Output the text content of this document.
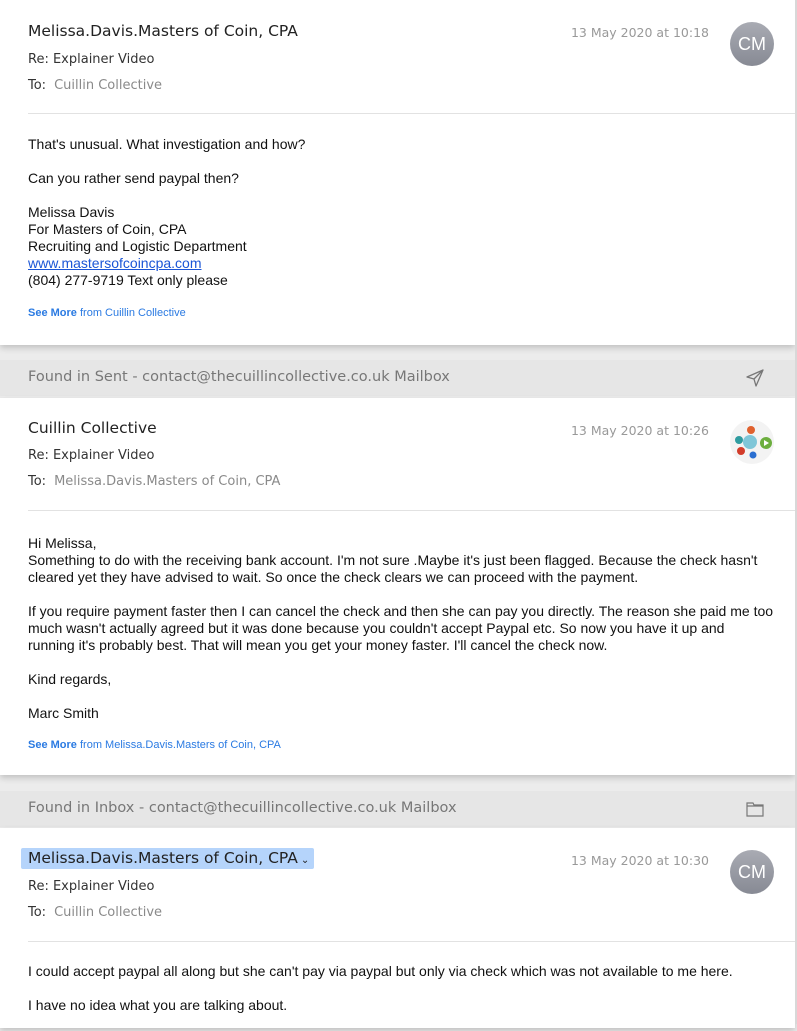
Melissa.Davis.Masters of Coin, CPA
Re: Explainer Video
To: Cuillin Collective
13 May 2020 at 10:18
CM

That's unusual. What investigation and how?

Can you rather send paypal then?

Melissa Davis
For Masters of Coin, CPA
Recruiting and Logistic Department
www.mastersofcoincpa.com
(804) 277-9719 Text only please
See More from Cuillin Collective
Found in Sent - contact@thecuillincollective.co.uk Mailbox
Cuillin Collective
Re: Explainer Video
To: Melissa.Davis.Masters of Coin, CPA
13 May 2020 at 10:26
Hi Melissa,

Something to do with the receiving bank account. I'm not sure .Maybe it's just been flagged. Because the check hasn't cleared yet they have advised to wait. So once the check clears we can proceed with the payment.

If you require payment faster then I can cancel the check and then she can pay you directly. The reason she paid me too much wasn't actually agreed but it was done because you couldn't accept Paypal etc. So now you have it up and running it's probably best. That will mean you get your money faster. I'll cancel the check now.

Kind regards,

Marc Smith

See More from Melissa.Davis.Masters of Coin, CPA
Found in Inbox - contact@thecuillincollective.co.uk Mailbox
Melissa.Davis.Masters of Coin, CPA ⌄
Re: Explainer Video
To: Cuillin Collective
13 May 2020 at 10:30
CM

I could accept paypal all along but she can't pay via paypal but only via check which was not available to me here.

I have no idea what you are talking about.
